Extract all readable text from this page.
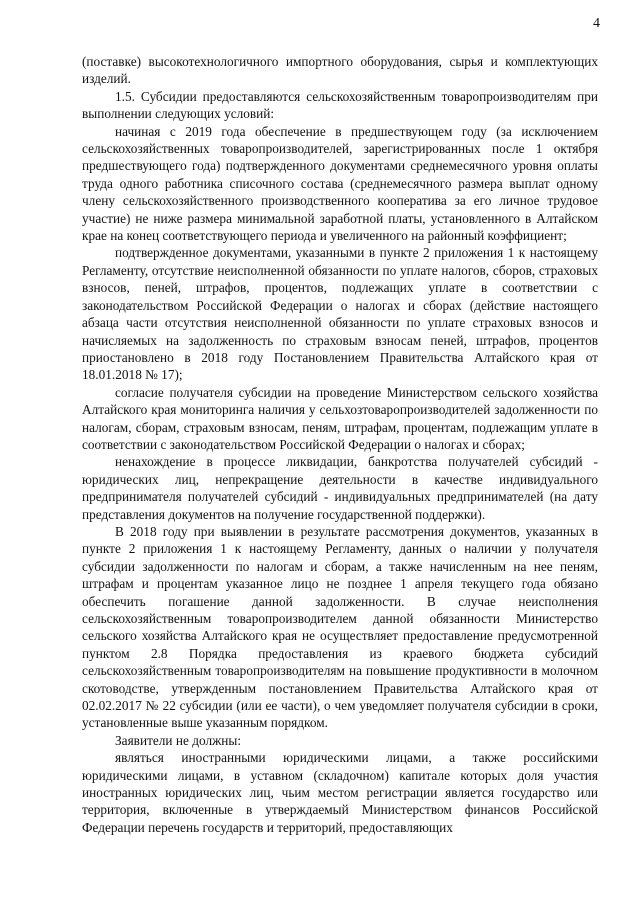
4

(поставке) высокотехнологичного импортного оборудования, сырья и комплектующих изделий.

1.5. Субсидии предоставляются сельскохозяйственным товаропроизводителям при выполнении следующих условий:

начиная с 2019 года обеспечение в предшествующем году (за исключением сельскохозяйственных товаропроизводителей, зарегистрированных после 1 октября предшествующего года) подтвержденного документами среднемесячного уровня оплаты труда одного работника списочного состава (среднемесячного размера выплат одному члену сельскохозяйственного производственного кооператива за его личное трудовое участие) не ниже размера минимальной заработной платы, установленного в Алтайском крае на конец соответствующего периода и увеличенного на районный коэффициент;

подтвержденное документами, указанными в пункте 2 приложения 1 к настоящему Регламенту, отсутствие неисполненной обязанности по уплате налогов, сборов, страховых взносов, пеней, штрафов, процентов, подлежащих уплате в соответствии с законодательством Российской Федерации о налогах и сборах (действие настоящего абзаца части отсутствия неисполненной обязанности по уплате страховых взносов и начисляемых на задолженность по страховым взносам пеней, штрафов, процентов приостановлено в 2018 году Постановлением Правительства Алтайского края от 18.01.2018 № 17);

согласие получателя субсидии на проведение Министерством сельского хозяйства Алтайского края мониторинга наличия у сельхозтоваропроизводителей задолженности по налогам, сборам, страховым взносам, пеням, штрафам, процентам, подлежащим уплате в соответствии с законодательством Российской Федерации о налогах и сборах;

ненахождение в процессе ликвидации, банкротства получателей субсидий - юридических лиц, непрекращение деятельности в качестве индивидуального предпринимателя получателей субсидий - индивидуальных предпринимателей (на дату представления документов на получение государственной поддержки).

В 2018 году при выявлении в результате рассмотрения документов, указанных в пункте 2 приложения 1 к настоящему Регламенту, данных о наличии у получателя субсидии задолженности по налогам и сборам, а также начисленным на нее пеням, штрафам и процентам указанное лицо не позднее 1 апреля текущего года обязано обеспечить погашение данной задолженности. В случае неисполнения сельскохозяйственным товаропроизводителем данной обязанности Министерство сельского хозяйства Алтайского края не осуществляет предоставление предусмотренной пунктом 2.8 Порядка предоставления из краевого бюджета субсидий сельскохозяйственным товаропроизводителям на повышение продуктивности в молочном скотоводстве, утвержденным постановлением Правительства Алтайского края от 02.02.2017 № 22 субсидии (или ее части), о чем уведомляет получателя субсидии в сроки, установленные выше указанным порядком.

Заявители не должны:

являться иностранными юридическими лицами, а также российскими юридическими лицами, в уставном (складочном) капитале которых доля участия иностранных юридических лиц, чьим местом регистрации является государство или территория, включенные в утверждаемый Министерством финансов Российской Федерации перечень государств и территорий, предоставляющих
